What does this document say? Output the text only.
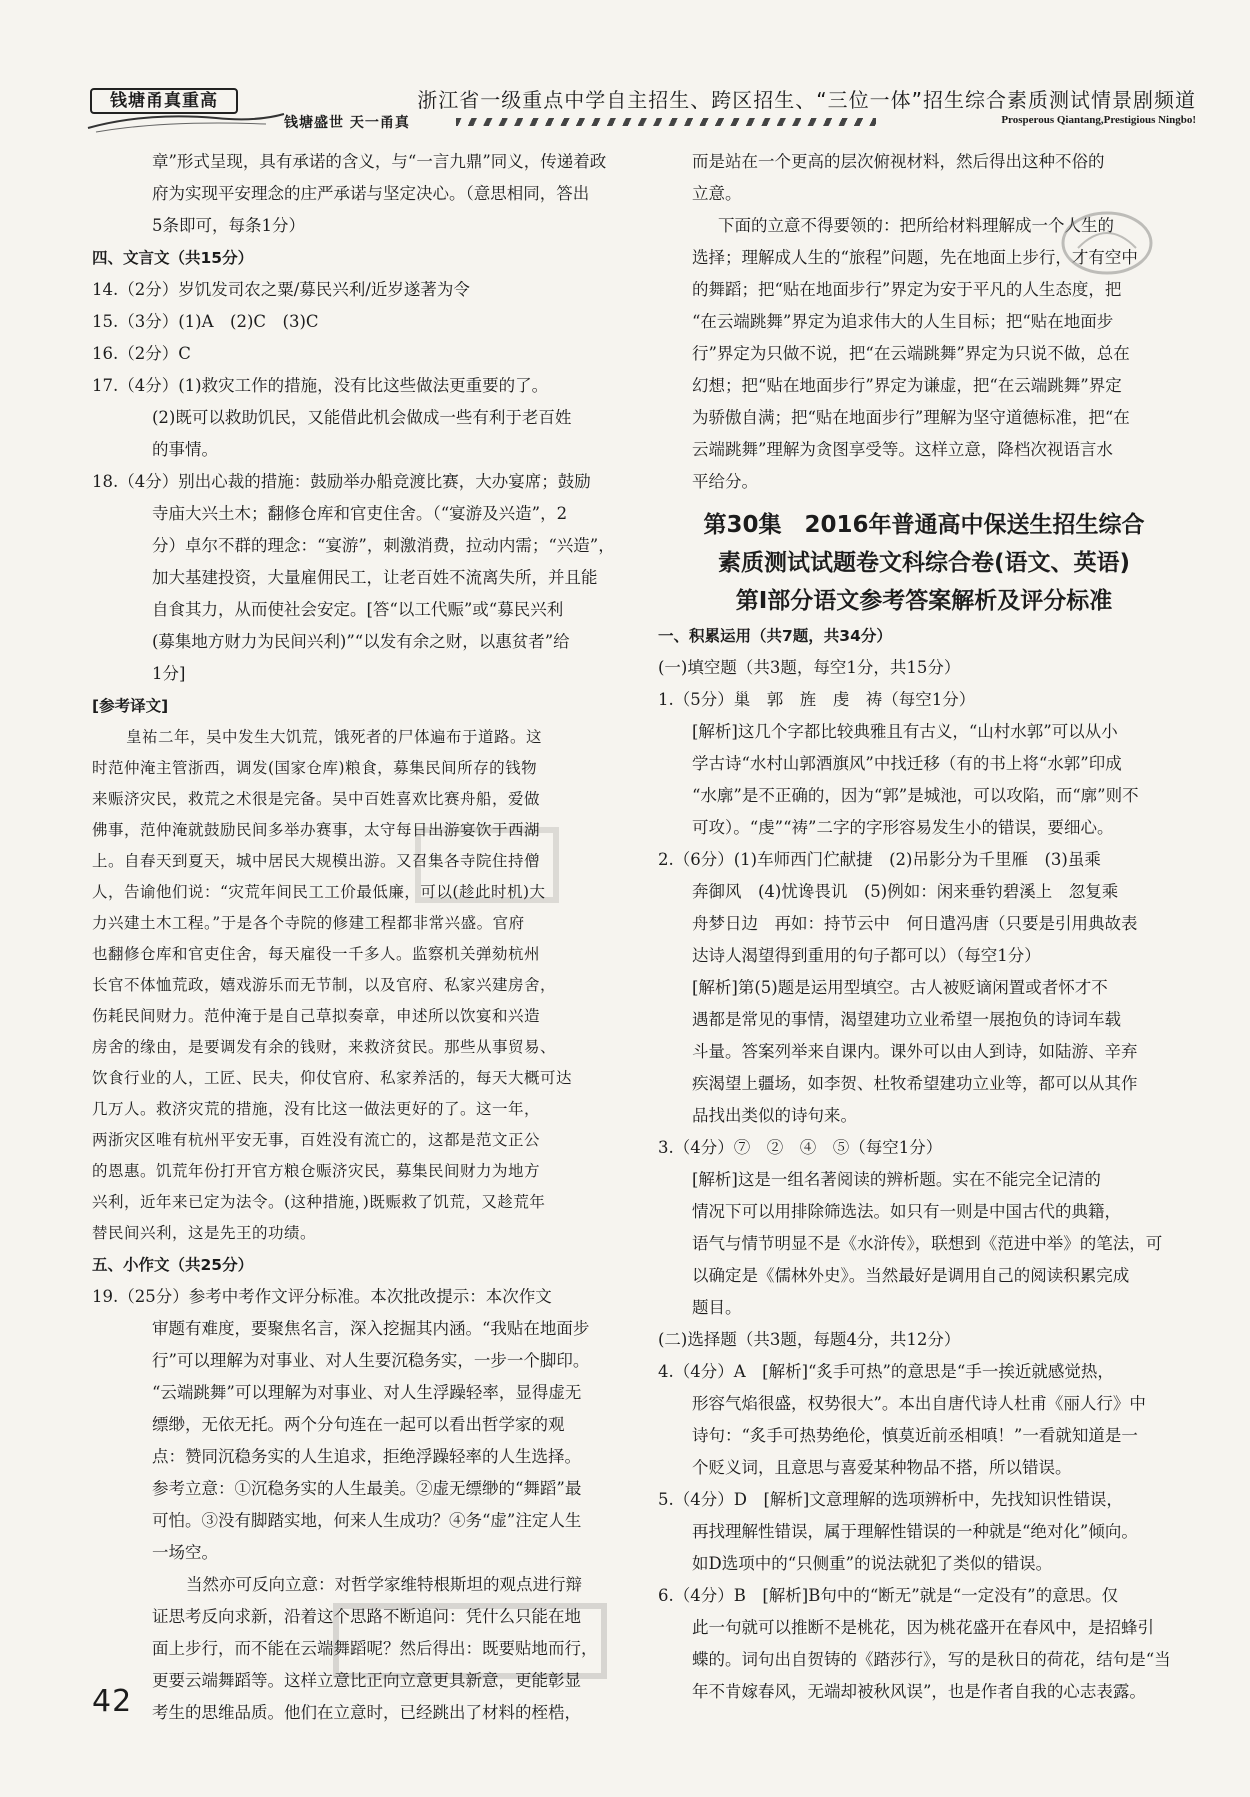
钱塘甬真重高
钱塘盛世 天一甬真
浙江省一级重点中学自主招生、跨区招生、“三位一体”招生综合素质测试情景剧频道
Prosperous Qiantang,Prestigious Ningbo!
章”形式呈现，具有承诺的含义，与“一言九鼎”同义，传递着政
府为实现平安理念的庄严承诺与坚定决心。（意思相同，答出
5条即可，每条1分）
四、文言文（共15分）
14.（2分）岁饥发司农之粟/募民兴利/近岁遂著为令
15.（3分）(1)A　(2)C　(3)C
16.（2分）C
17.（4分）(1)救灾工作的措施，没有比这些做法更重要的了。
(2)既可以救助饥民，又能借此机会做成一些有利于老百姓
的事情。
18.（4分）别出心裁的措施：鼓励举办船竞渡比赛，大办宴席；鼓励
寺庙大兴土木；翻修仓库和官吏住舍。（“宴游及兴造”，2
分）卓尔不群的理念：“宴游”，刺激消费，拉动内需；“兴造”，
加大基建投资，大量雇佣民工，让老百姓不流离失所，并且能
自食其力，从而使社会安定。[答“以工代赈”或“募民兴利
(募集地方财力为民间兴利)”“以发有余之财，以惠贫者”给
1分]
[参考译文]
皇祐二年，吴中发生大饥荒，饿死者的尸体遍布于道路。这
时范仲淹主管浙西，调发(国家仓库)粮食，募集民间所存的钱物
来赈济灾民，救荒之术很是完备。吴中百姓喜欢比赛舟船，爱做
佛事，范仲淹就鼓励民间多举办赛事，太守每日出游宴饮于西湖
上。自春天到夏天，城中居民大规模出游。又召集各寺院住持僧
人，告谕他们说：“灾荒年间民工工价最低廉，可以(趁此时机)大
力兴建土木工程。”于是各个寺院的修建工程都非常兴盛。官府
也翻修仓库和官吏住舍，每天雇役一千多人。监察机关弹劾杭州
长官不体恤荒政，嬉戏游乐而无节制，以及官府、私家兴建房舍，
伤耗民间财力。范仲淹于是自己草拟奏章，申述所以饮宴和兴造
房舍的缘由，是要调发有余的钱财，来救济贫民。那些从事贸易、
饮食行业的人，工匠、民夫，仰仗官府、私家养活的，每天大概可达
几万人。救济灾荒的措施，没有比这一做法更好的了。这一年，
两浙灾区唯有杭州平安无事，百姓没有流亡的，这都是范文正公
的恩惠。饥荒年份打开官方粮仓赈济灾民，募集民间财力为地方
兴利，近年来已定为法令。(这种措施，)既赈救了饥荒，又趁荒年
替民间兴利，这是先王的功绩。
五、小作文（共25分）
19.（25分）参考中考作文评分标准。本次批改提示：本次作文
审题有难度，要聚焦名言，深入挖掘其内涵。“我贴在地面步
行”可以理解为对事业、对人生要沉稳务实，一步一个脚印。
“云端跳舞”可以理解为对事业、对人生浮躁轻率，显得虚无
缥缈，无依无托。两个分句连在一起可以看出哲学家的观
点：赞同沉稳务实的人生追求，拒绝浮躁轻率的人生选择。
参考立意：①沉稳务实的人生最美。②虚无缥缈的“舞蹈”最
可怕。③没有脚踏实地，何来人生成功？④务“虚”注定人生
一场空。
当然亦可反向立意：对哲学家维特根斯坦的观点进行辩
证思考反向求新，沿着这个思路不断追问：凭什么只能在地
面上步行，而不能在云端舞蹈呢？然后得出：既要贴地而行，
更要云端舞蹈等。这样立意比正向立意更具新意，更能彰显
考生的思维品质。他们在立意时，已经跳出了材料的桎梏，
而是站在一个更高的层次俯视材料，然后得出这种不俗的
立意。
下面的立意不得要领的：把所给材料理解成一个人生的
选择；理解成人生的“旅程”问题，先在地面上步行，才有空中
的舞蹈；把“贴在地面步行”界定为安于平凡的人生态度，把
“在云端跳舞”界定为追求伟大的人生目标；把“贴在地面步
行”界定为只做不说，把“在云端跳舞”界定为只说不做，总在
幻想；把“贴在地面步行”界定为谦虚，把“在云端跳舞”界定
为骄傲自满；把“贴在地面步行”理解为坚守道德标准，把“在
云端跳舞”理解为贪图享受等。这样立意，降档次视语言水
平给分。
第30集　2016年普通高中保送生招生综合
素质测试试题卷文科综合卷(语文、英语)
第Ⅰ部分语文参考答案解析及评分标准
一、积累运用（共7题，共34分）
(一)填空题（共3题，每空1分，共15分）
1.（5分）巢　郭　旌　虔　祷（每空1分）
[解析]这几个字都比较典雅且有古义，“山村水郭”可以从小
学古诗“水村山郭酒旗风”中找迁移（有的书上将“水郭”印成
“水廓”是不正确的，因为“郭”是城池，可以攻陷，而“廓”则不
可攻）。“虔”“祷”二字的字形容易发生小的错误，要细心。
2.（6分）(1)车师西门伫献捷　(2)吊影分为千里雁　(3)虽乘
奔御风　(4)忧谗畏讥　(5)例如：闲来垂钓碧溪上　忽复乘
舟梦日边　再如：持节云中　何日遣冯唐（只要是引用典故表
达诗人渴望得到重用的句子都可以）（每空1分）
[解析]第(5)题是运用型填空。古人被贬谪闲置或者怀才不
遇都是常见的事情，渴望建功立业希望一展抱负的诗词车载
斗量。答案列举来自课内。课外可以由人到诗，如陆游、辛弃
疾渴望上疆场，如李贺、杜牧希望建功立业等，都可以从其作
品找出类似的诗句来。
3.（4分）⑦　②　④　⑤（每空1分）
[解析]这是一组名著阅读的辨析题。实在不能完全记清的
情况下可以用排除筛选法。如只有一则是中国古代的典籍，
语气与情节明显不是《水浒传》，联想到《范进中举》的笔法，可
以确定是《儒林外史》。当然最好是调用自己的阅读积累完成
题目。
(二)选择题（共3题，每题4分，共12分）
4.（4分）A　[解析]“炙手可热”的意思是“手一挨近就感觉热，
形容气焰很盛，权势很大”。本出自唐代诗人杜甫《丽人行》中
诗句：“炙手可热势绝伦，慎莫近前丞相嗔！”一看就知道是一
个贬义词，且意思与喜爱某种物品不搭，所以错误。
5.（4分）D　[解析]文意理解的选项辨析中，先找知识性错误，
再找理解性错误，属于理解性错误的一种就是“绝对化”倾向。
如D选项中的“只侧重”的说法就犯了类似的错误。
6.（4分）B　[解析]B句中的“断无”就是“一定没有”的意思。仅
此一句就可以推断不是桃花，因为桃花盛开在春风中，是招蜂引
蝶的。词句出自贺铸的《踏莎行》，写的是秋日的荷花，结句是“当
年不肯嫁春风，无端却被秋风误”，也是作者自我的心志表露。
42
